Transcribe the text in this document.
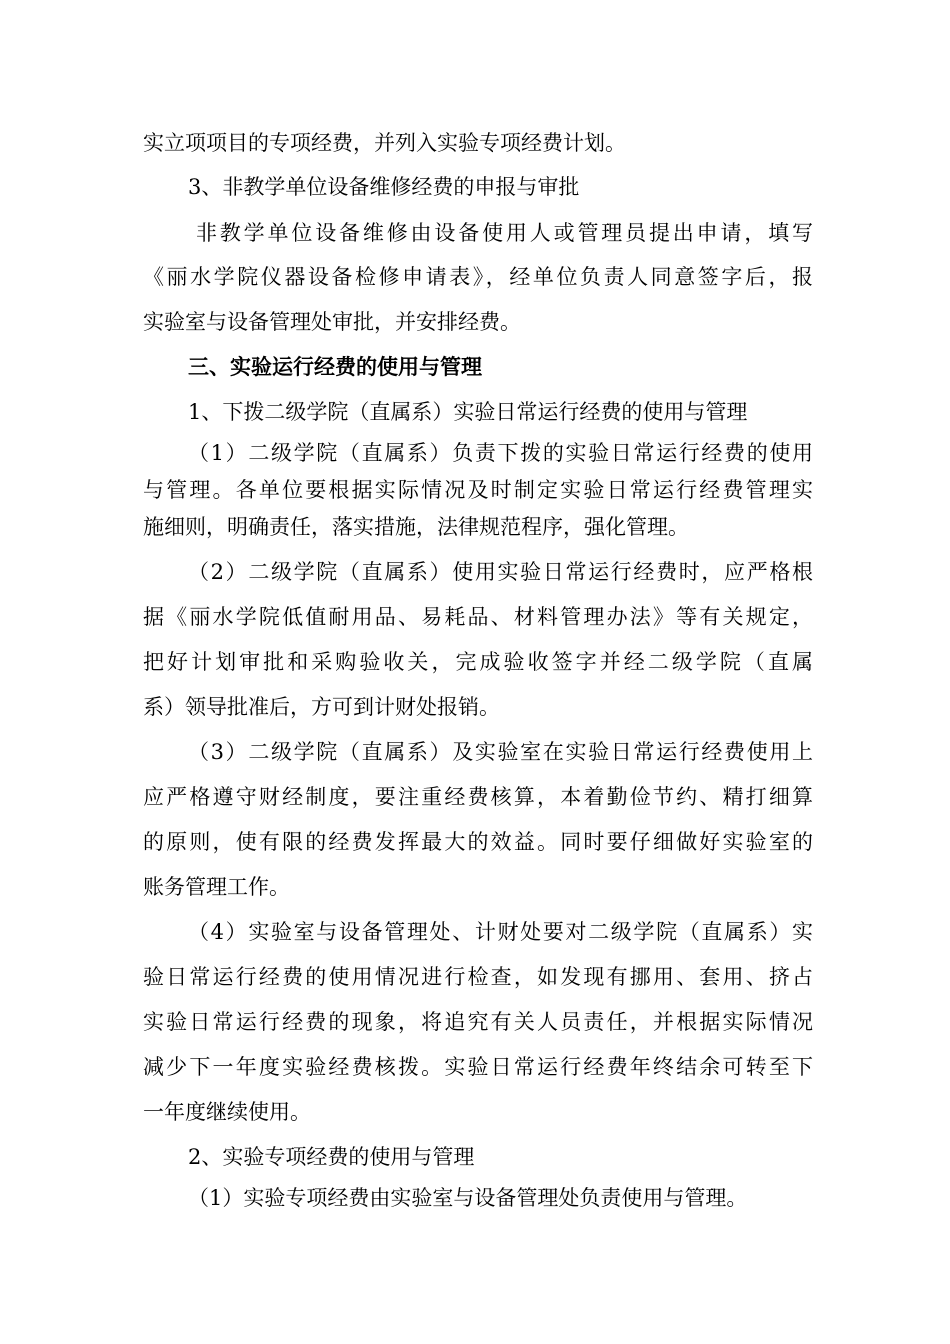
实立项项目的专项经费，并列入实验专项经费计划。
3、非教学单位设备维修经费的申报与审批
非教学单位设备维修由设备使用人或管理员提出申请，填写
《丽水学院仪器设备检修申请表》，经单位负责人同意签字后，报
实验室与设备管理处审批，并安排经费。
三、实验运行经费的使用与管理
1、下拨二级学院（直属系）实验日常运行经费的使用与管理
（1）二级学院（直属系）负责下拨的实验日常运行经费的使用
与管理。各单位要根据实际情况及时制定实验日常运行经费管理实
施细则，明确责任，落实措施，法律规范程序，强化管理。
（2）二级学院（直属系）使用实验日常运行经费时，应严格根
据《丽水学院低值耐用品、易耗品、材料管理办法》等有关规定，
把好计划审批和采购验收关，完成验收签字并经二级学院（直属
系）领导批准后，方可到计财处报销。
（3）二级学院（直属系）及实验室在实验日常运行经费使用上
应严格遵守财经制度，要注重经费核算，本着勤俭节约、精打细算
的原则，使有限的经费发挥最大的效益。同时要仔细做好实验室的
账务管理工作。
（4）实验室与设备管理处、计财处要对二级学院（直属系）实
验日常运行经费的使用情况进行检查，如发现有挪用、套用、挤占
实验日常运行经费的现象，将追究有关人员责任，并根据实际情况
减少下一年度实验经费核拨。实验日常运行经费年终结余可转至下
一年度继续使用。
2、实验专项经费的使用与管理
（1）实验专项经费由实验室与设备管理处负责使用与管理。
